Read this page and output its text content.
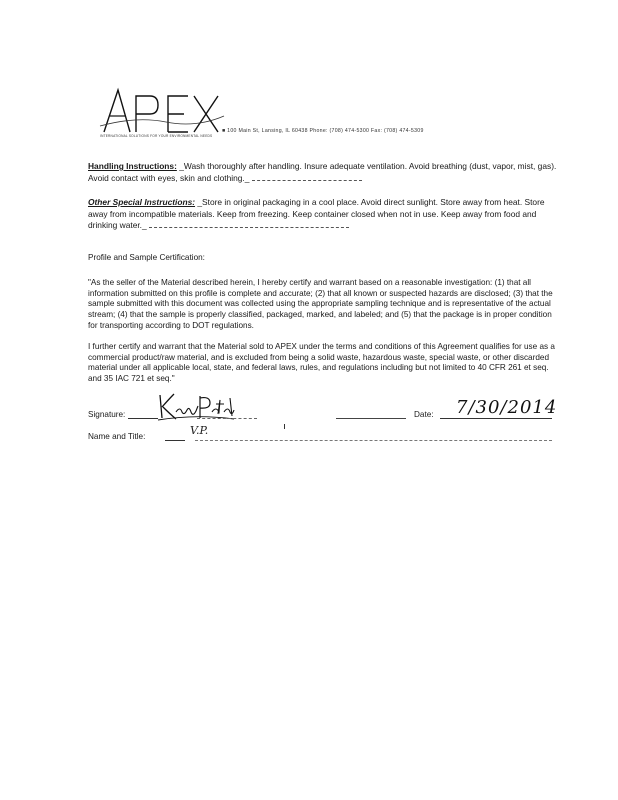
INTERNATIONAL SOLUTIONS FOR YOUR ENVIRONMENTAL NEEDS
■ 100 Main St, Lansing, IL 60438 Phone: (708) 474-5300 Fax: (708) 474-5309
Handling Instructions: _Wash thoroughly after handling. Insure adequate ventilation. Avoid breathing (dust, vapor, mist, gas). Avoid contact with eyes, skin and clothing._
Other Special Instructions: _Store in original packaging in a cool place. Avoid direct sunlight. Store away from heat. Store away from incompatible materials. Keep from freezing. Keep container closed when not in use. Keep away from food and drinking water._
Profile and Sample Certification:
"As the seller of the Material described herein, I hereby certify and warrant based on a reasonable investigation: (1) that all information submitted on this profile is complete and accurate; (2) that all known or suspected hazards are disclosed; (3) that the sample submitted with this document was collected using the appropriate sampling technique and is representative of the actual stream; (4) that the sample is properly classified, packaged, marked, and labeled; and (5) that the package is in proper condition for transporting according to DOT regulations.
I further certify and warrant that the Material sold to APEX under the terms and conditions of this Agreement qualifies for use as a commercial product/raw material, and is excluded from being a solid waste, hazardous waste, special waste, or other discarded material under all applicable local, state, and federal laws, rules, and regulations including but not limited to 40 CFR 261 et seq. and 35 IAC 721 et seq."
Signature:	Date: 7/30/2014
Name and Title:	V.P.
